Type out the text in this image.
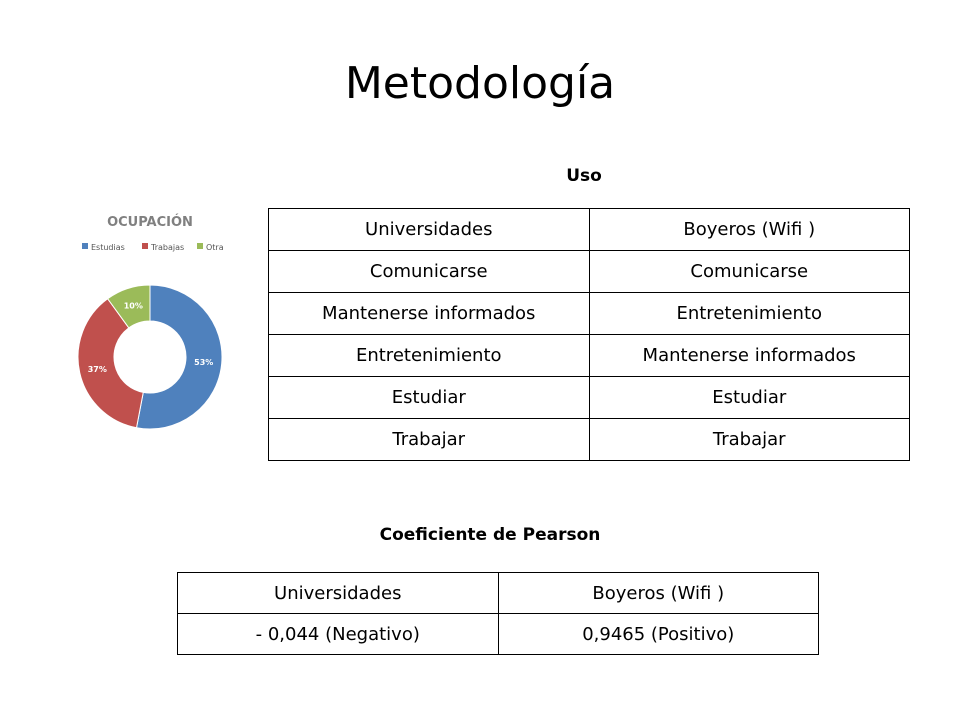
Metodología
Uso
OCUPACIÓN
Estudias	Trabajas	Otra
53%
37%
10%
Universidades	Boyeros (Wifi )
Comunicarse	Comunicarse
Mantenerse informados	Entretenimiento
Entretenimiento	Mantenerse informados
Estudiar	Estudiar
Trabajar	Trabajar
Coeficiente de Pearson
Universidades	Boyeros (Wifi )
- 0,044 (Negativo)	0,9465 (Positivo)
